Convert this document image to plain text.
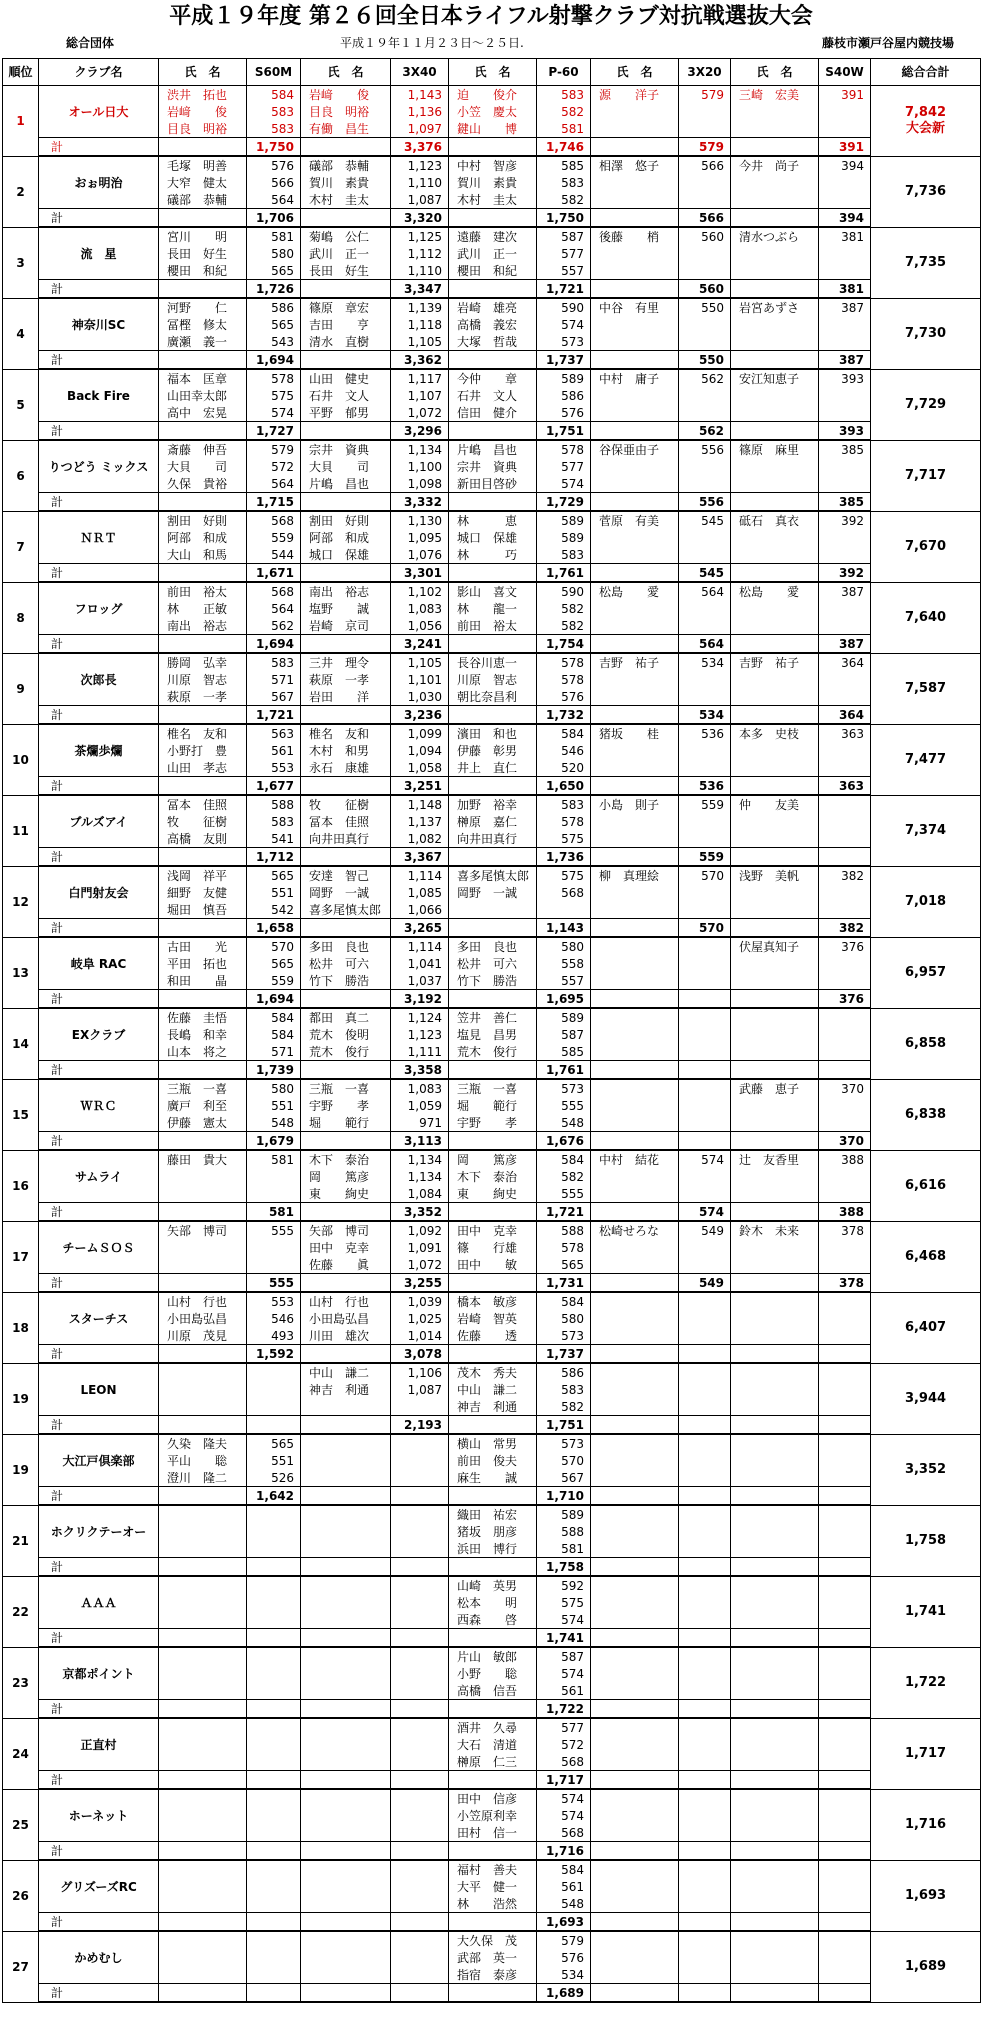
平成１９年度 第２６回全日本ライフル射撃クラブ対抗戦選抜大会
総合団体	平成１９年１１月２３日～２５日.	藤枝市瀬戸谷屋内競技場
順位	クラブ名	氏　名	S60M	氏　名	3X40	氏　名	P-60	氏　名	3X20	氏　名	S40W	総合合計
1	オール日大	渋井　拓也	584	岩﨑　　俊	1,143	迫　　俊介	583	源　　洋子	579	三崎　宏美	391	7,842
大会新

		岩﨑　　俊	583	目良　明裕	1,136	小笠　慶太	582					
		目良　明裕	583	有働　昌生	1,097	鍵山　　博	581					
	計		1,750		3,376		1,746		579		391	
2	おぉ明治	毛塚　明善	576	礒部　恭輔	1,123	中村　智彦	585	相澤　悠子	566	今井　尚子	394	7,736

		大窄　健太	566	賀川　素貴	1,110	賀川　素貴	583					
		礒部　恭輔	564	木村　圭太	1,087	木村　圭太	582					
	計		1,706		3,320		1,750		566		394	
3	流　星	宮川　　明	581	菊嶋　公仁	1,125	遠藤　建次	587	後藤　　梢	560	清水つぶら	381	7,735

		長田　好生	580	武川　正一	1,112	武川　正一	577					
		櫻田　和紀	565	長田　好生	1,110	櫻田　和紀	557					
	計		1,726		3,347		1,721		560		381	
4	神奈川SC	河野　　仁	586	篠原　章宏	1,139	岩崎　雄亮	590	中谷　有里	550	岩宮あずさ	387	7,730

		冨樫　修太	565	吉田　　亨	1,118	高橋　義宏	574					
		廣瀬　義一	543	清水　直樹	1,105	大塚　哲哉	573					
	計		1,694		3,362		1,737		550		387	
5	Back Fire	福本　匡章	578	山田　健史	1,117	今仲　　章	589	中村　庸子	562	安江知恵子	393	7,729

		山田幸太郎	575	石井　文人	1,107	石井　文人	586					
		高中　宏晃	574	平野　郁男	1,072	信田　健介	576					
	計		1,727		3,296		1,751		562		393	
6	りつどう ミックス	斎藤　伸吾	579	宗井　資典	1,134	片嶋　昌也	578	谷保亜由子	556	篠原　麻里	385	7,717

		大貝　　司	572	大貝　　司	1,100	宗井　資典	577					
		久保　貴裕	564	片嶋　昌也	1,098	新田目啓砂	574					
	計		1,715		3,332		1,729		556		385	
7	ＮＲＴ	割田　好則	568	割田　好則	1,130	林　　　恵	589	菅原　有美	545	砥石　真衣	392	7,670

		阿部　和成	559	阿部　和成	1,095	城口　保雄	589					
		大山　和馬	544	城口　保雄	1,076	林　　　巧	583					
	計		1,671		3,301		1,761		545		392	
8	フロッグ	前田　裕太	568	南出　裕志	1,102	影山　喜文	590	松島　　愛	564	松島　　愛	387	7,640

		林　　正敏	564	塩野　　誠	1,083	林　　龍一	582					
		南出　裕志	562	岩崎　京司	1,056	前田　裕太	582					
	計		1,694		3,241		1,754		564		387	
9	次郎長	勝岡　弘幸	583	三井　理令	1,105	長谷川恵一	578	吉野　祐子	534	吉野　祐子	364	7,587

		川原　智志	571	萩原　一孝	1,101	川原　智志	578					
		萩原　一孝	567	岩田　　洋	1,030	朝比奈昌利	576					
	計		1,721		3,236		1,732		534		364	
10	茶爛歩爛	椎名　友和	563	椎名　友和	1,099	濱田　和也	584	猪坂　　桂	536	本多　史枝	363	7,477

		小野打　豊	561	木村　和男	1,094	伊藤　彰男	546					
		山田　孝志	553	永石　康雄	1,058	井上　直仁	520					
	計		1,677		3,251		1,650		536		363	
11	ブルズアイ	冨本　佳照	588	牧　　征樹	1,148	加野　裕幸	583	小島　則子	559	仲　　友美		7,374

		牧　　征樹	583	冨本　佳照	1,137	榊原　嘉仁	578					
		高橋　友則	541	向井田真行	1,082	向井田真行	575					
	計		1,712		3,367		1,736		559			
12	白門射友会	浅岡　祥平	565	安達　智己	1,114	喜多尾慎太郎	575	柳　真理絵	570	浅野　美帆	382	7,018

		細野　友健	551	岡野　一誠	1,085	岡野　一誠	568					
		堀田　慎吾	542	喜多尾慎太郎	1,066							
	計		1,658		3,265		1,143		570		382	
13	岐阜 RAC	古田　　光	570	多田　良也	1,114	多田　良也	580			伏屋真知子	376	6,957

		平田　拓也	565	松井　可六	1,041	松井　可六	558					
		和田　　晶	559	竹下　勝浩	1,037	竹下　勝浩	557					
	計		1,694		3,192		1,695				376	
14	EXクラブ	佐藤　圭悟	584	都田　真二	1,124	笠井　善仁	589					6,858

		長嶋　和幸	584	荒木　俊明	1,123	塩見　昌男	587					
		山本　将之	571	荒木　俊行	1,111	荒木　俊行	585					
	計		1,739		3,358		1,761					
15	ＷＲＣ	三瓶　一喜	580	三瓶　一喜	1,083	三瓶　一喜	573			武藤　恵子	370	6,838

		廣戸　利至	551	宇野　　孝	1,059	堀　　範行	555					
		伊藤　憲太	548	堀　　範行	971	宇野　　孝	548					
	計		1,679		3,113		1,676				370	
16	サムライ	藤田　貴大	581	木下　泰治	1,134	岡　　篤彦	584	中村　結花	574	辻　友香里	388	6,616

				岡　　篤彦	1,134	木下　泰治	582					
				東　　絢史	1,084	東　　絢史	555					
	計		581		3,352		1,721		574		388	
17	チームＳＯＳ	矢部　博司	555	矢部　博司	1,092	田中　克幸	588	松崎せろな	549	鈴木　未来	378	6,468

				田中　克幸	1,091	篠　　行雄	578					
				佐藤　　眞	1,072	田中　　敏	565					
	計		555		3,255		1,731		549		378	
18	スターチス	山村　行也	553	山村　行也	1,039	橋本　敏彦	584					6,407

		小田島弘昌	546	小田島弘昌	1,025	岩崎　智英	580					
		川原　茂見	493	川田　雄次	1,014	佐藤　　透	573					
	計		1,592		3,078		1,737					
19	LEON			中山　謙二	1,106	茂木　秀夫	586					3,944

				神吉　利通	1,087	中山　謙二	583					
						神吉　利通	582					
	計				2,193		1,751					
19	大江戸倶楽部	久染　隆夫	565			横山　常男	573					3,352

		平山　　聡	551			前田　俊夫	570					
		澄川　隆二	526			麻生　　誠	567					
	計		1,642				1,710					
21	ホクリクテーオー					織田　祐宏	589					1,758

						猪坂　朋彦	588					
						浜田　博行	581					
	計						1,758					
22	ＡＡＡ					山崎　英男	592					1,741

						松本　　明	575					
						西森　　啓	574					
	計						1,741					
23	京都ポイント					片山　敏郎	587					1,722

						小野　　聡	574					
						高橋　信吾	561					
	計						1,722					
24	正直村					酒井　久尋	577					1,717

						大石　清道	572					
						榊原　仁三	568					
	計						1,717					
25	ホーネット					田中　信彦	574					1,716

						小笠原利幸	574					
						田村　信一	568					
	計						1,716					
26	グリズーズRC					福村　善夫	584					1,693

						大平　健一	561					
						林　　浩然	548					
	計						1,693					
27	かめむし					大久保　茂	579					1,689

						武部　英一	576					
						指宿　泰彦	534					
	計						1,689					
